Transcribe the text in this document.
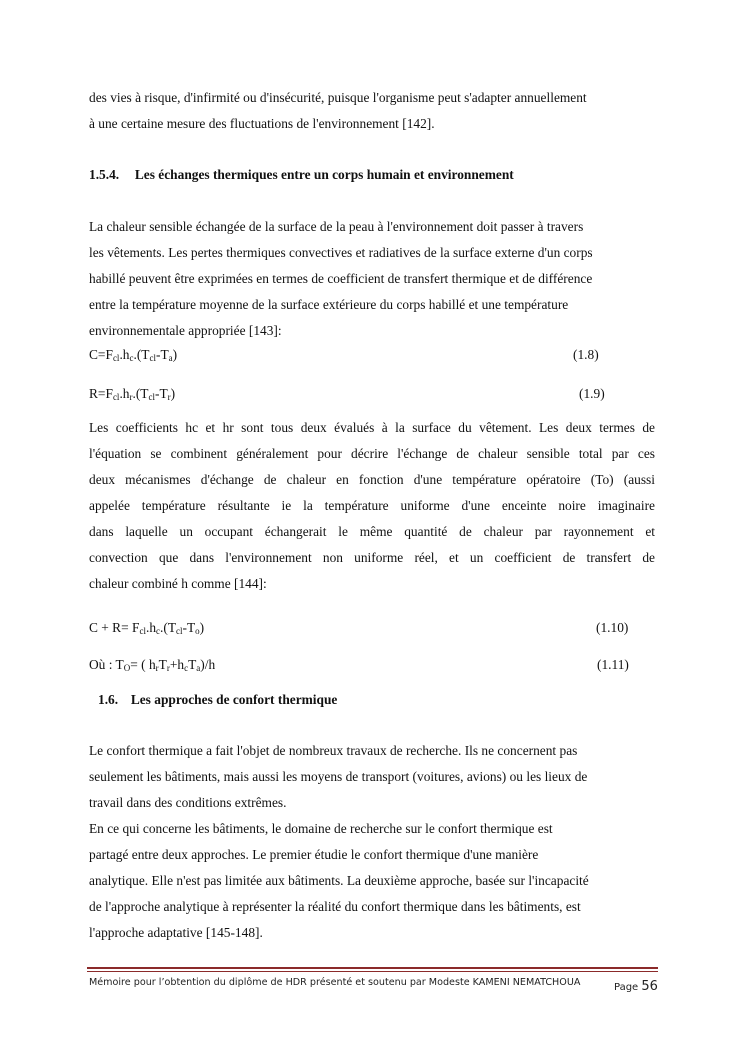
des vies à risque, d'infirmité ou d'insécurité, puisque l'organisme peut s'adapter annuellement
à une certaine mesure des fluctuations de l'environnement [142].
1.5.4. Les échanges thermiques entre un corps humain et environnement
La chaleur sensible échangée de la surface de la peau à l'environnement doit passer à travers
les vêtements. Les pertes thermiques convectives et radiatives de la surface externe d'un corps
habillé peuvent être exprimées en termes de coefficient de transfert thermique et de différence
entre la température moyenne de la surface extérieure du corps habillé et une température
environnementale appropriée [143]:
$C=F_{cl}.h_c.(T_{cl}-T_a)$	(1.8)
$R=F_{cl}.h_r.(T_{cl}-T_r)$	(1.9)
Les coefficients hc et hr sont tous deux évalués à la surface du vêtement. Les deux termes de
l'équation se combinent généralement pour décrire l'échange de chaleur sensible total par ces
deux mécanismes d'échange de chaleur en fonction d'une température opératoire (To) (aussi
appelée température résultante ie la température uniforme d'une enceinte noire imaginaire
dans laquelle un occupant échangerait le même quantité de chaleur par rayonnement et
convection que dans l'environnement non uniforme réel, et un coefficient de transfert de
chaleur combiné h comme [144]:
$C + R= F_{cl}.h_c.(T_{cl}-T_o)$	(1.10)
Où : $T_O=$ ( $h_rT_r+h_cT_a)/h$	(1.11)
1.6. Les approches de confort thermique
Le confort thermique a fait l'objet de nombreux travaux de recherche. Ils ne concernent pas
seulement les bâtiments, mais aussi les moyens de transport (voitures, avions) ou les lieux de
travail dans des conditions extrêmes.
En ce qui concerne les bâtiments, le domaine de recherche sur le confort thermique est
partagé entre deux approches. Le premier étudie le confort thermique d'une manière
analytique. Elle n'est pas limitée aux bâtiments. La deuxième approche, basée sur l'incapacité
de l'approche analytique à représenter la réalité du confort thermique dans les bâtiments, est
l'approche adaptative [145-148].
Mémoire pour l’obtention du diplôme de HDR présenté et soutenu par Modeste KAMENI NEMATCHOUA	Page 56
